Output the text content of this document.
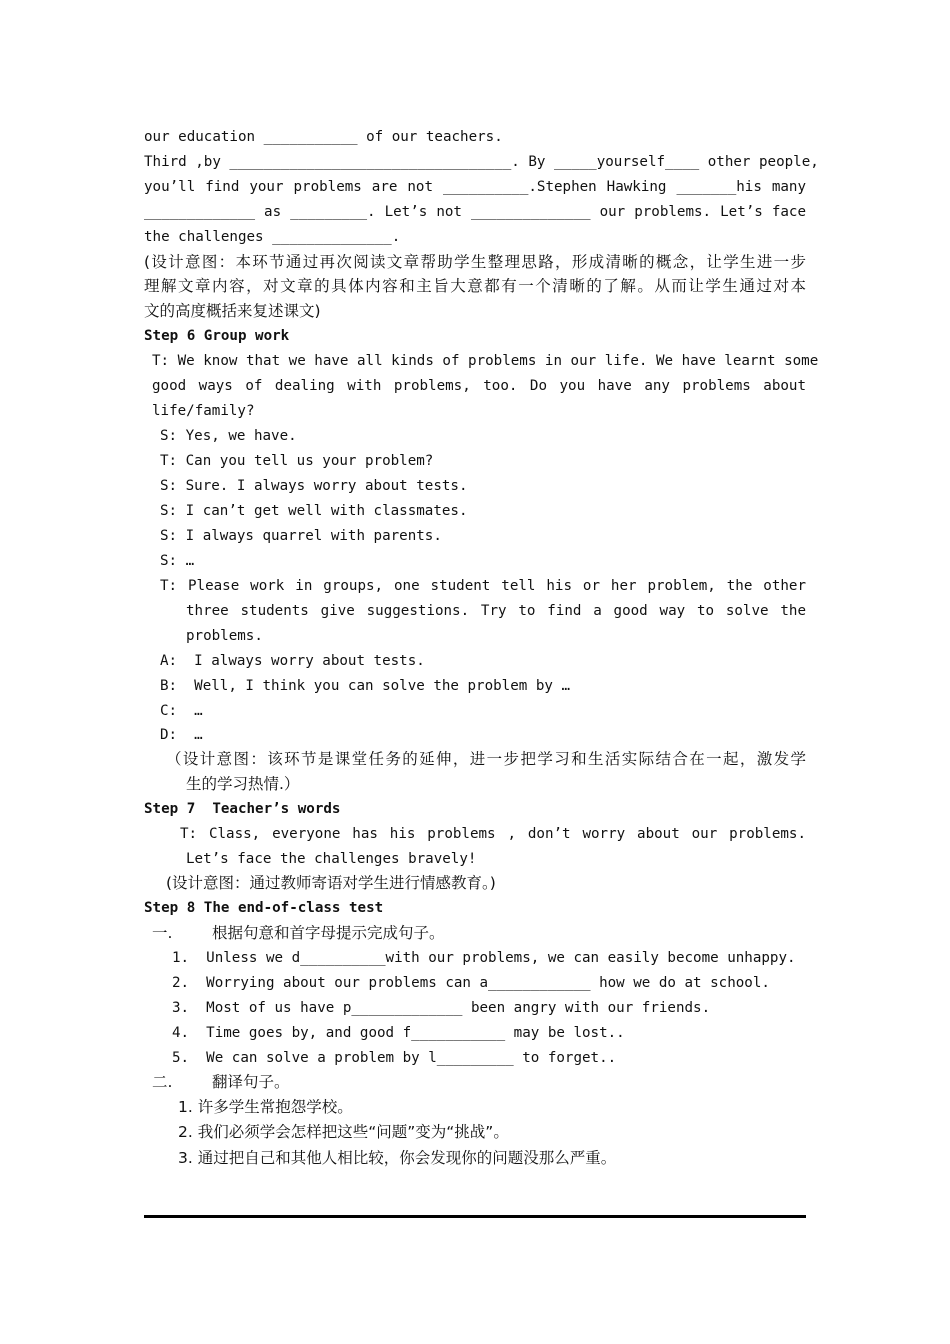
our education ___________ of our teachers.
Third ,by _________________________________. By _____yourself____ other people,
you’ll find your problems are not __________.Stephen Hawking _______his many
_____________ as _________. Let’s not ______________ our problems. Let’s face
the challenges ______________.
(设计意图：本环节通过再次阅读文章帮助学生整理思路，形成清晰的概念，让学生进一步
理解文章内容，对文章的具体内容和主旨大意都有一个清晰的了解。从而让学生通过对本
文的高度概括来复述课文)
Step 6 Group work
T: We know that we have all kinds of problems in our life. We have learnt some
good ways of dealing with problems, too. Do you have any problems about
life/family?
S: Yes, we have.
T: Can you tell us your problem?
S: Sure. I always worry about tests.
S: I can’t get well with classmates.
S: I always quarrel with parents.
S: …
T: Please work in groups, one student tell his or her problem, the other
three students give suggestions. Try to find a good way to solve the
problems.
A:  I always worry about tests.
B:  Well, I think you can solve the problem by …
C:  …
D:  …
（设计意图：该环节是课堂任务的延伸，进一步把学习和生活实际结合在一起，激发学
生的学习热情.）
Step 7  Teacher’s words
T: Class, everyone has his problems , don’t worry about our problems.
Let’s face the challenges bravely!
(设计意图：通过教师寄语对学生进行情感教育。)
Step 8 The end-of-class test
一.	根据句意和首字母提示完成句子。
1.  Unless we d__________with our problems, we can easily become unhappy.
2.  Worrying about our problems can a____________ how we do at school.
3.  Most of us have p_____________ been angry with our friends.
4.  Time goes by, and good f___________ may be lost..
5.  We can solve a problem by l_________ to forget..
二.	翻译句子。
1. 许多学生常抱怨学校。
2. 我们必须学会怎样把这些“问题”变为“挑战”。
3. 通过把自己和其他人相比较，你会发现你的问题没那么严重。
